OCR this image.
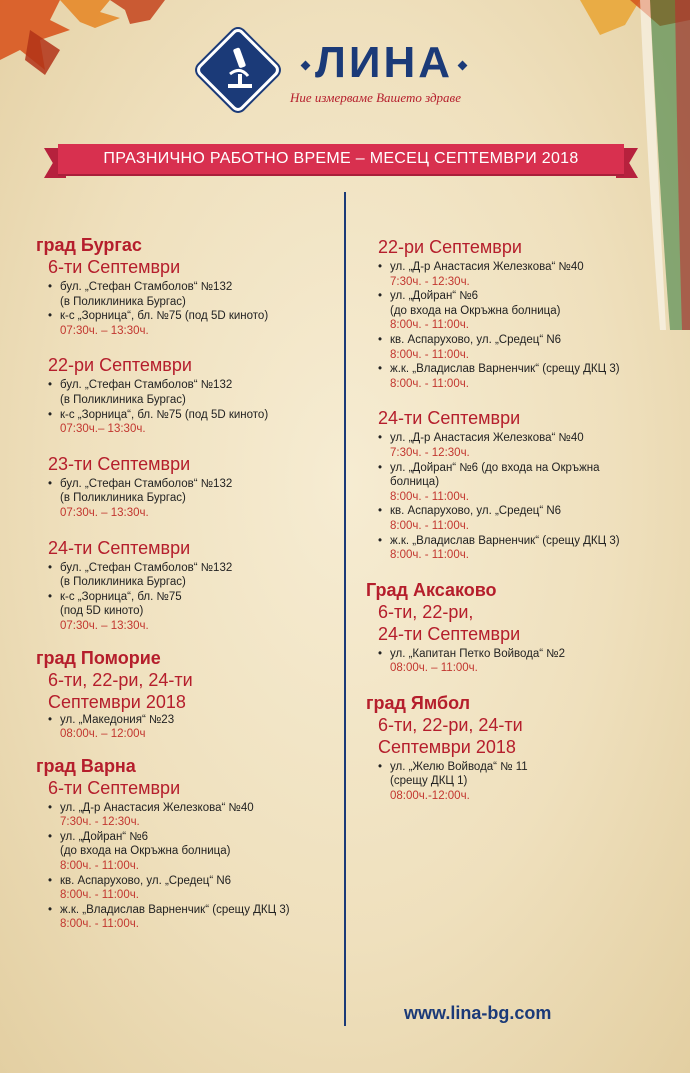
ЛИНА
Ние измерваме Вашето здраве
ПРАЗНИЧНО РАБОТНО ВРЕМЕ – МЕСЕЦ СЕПТЕМВРИ 2018

град Бургас

6-ти Септември

• бул. „Стефан Стамболов“ №132
(в Поликлиника Бургас)
• к-с „Зорница“, бл. №75 (под 5D киното)
07:30ч. – 13:30ч.

22-ри Септември

• бул. „Стефан Стамболов“ №132
(в Поликлиника Бургас)
• к-с „Зорница“, бл. №75 (под 5D киното)
07:30ч.– 13:30ч.

23-ти Септември

• бул. „Стефан Стамболов“ №132
(в Поликлиника Бургас)
07:30ч. – 13:30ч.

24-ти Септември

• бул. „Стефан Стамболов“ №132
(в Поликлиника Бургас)
• к-с „Зорница“, бл. №75
(под 5D киното)
07:30ч. – 13:30ч.

град Поморие

6-ти, 22-ри, 24-ти
Септември 2018

• ул. „Македония“ №23
08:00ч. – 12:00ч

град Варна

6-ти Септември

• ул. „Д-р Анастасия Железкова“ №40
7:30ч. - 12:30ч.
• ул. „Дойран“ №6
(до входа на Окръжна болница)
8:00ч. - 11:00ч.
• кв. Аспарухово, ул. „Средец“ N6
8:00ч. - 11:00ч.
• ж.к. „Владислав Варненчик“ (срещу ДКЦ 3)
8:00ч. - 11:00ч.

22-ри Септември

• ул. „Д-р Анастасия Железкова“ №40
7:30ч. - 12:30ч.
• ул. „Дойран“ №6
(до входа на Окръжна болница)
8:00ч. - 11:00ч.
• кв. Аспарухово, ул. „Средец“ N6
8:00ч. - 11:00ч.
• ж.к. „Владислав Варненчик“ (срещу ДКЦ 3)
8:00ч. - 11:00ч.

24-ти Септември

• ул. „Д-р Анастасия Железкова“ №40
7:30ч. - 12:30ч.
• ул. „Дойран“ №6 (до входа на Окръжна
болница)
8:00ч. - 11:00ч.
• кв. Аспарухово, ул. „Средец“ N6
8:00ч. - 11:00ч.
• ж.к. „Владислав Варненчик“ (срещу ДКЦ 3)
8:00ч. - 11:00ч.

Град Аксаково

6-ти, 22-ри,
24-ти Септември

• ул. „Капитан Петко Войвода“ №2
08:00ч. – 11:00ч.

град Ямбол

6-ти, 22-ри, 24-ти
Септември 2018

• ул. „Желю Войвода“ № 11
(срещу ДКЦ 1)
08:00ч.-12:00ч.
www.lina-bg.com
